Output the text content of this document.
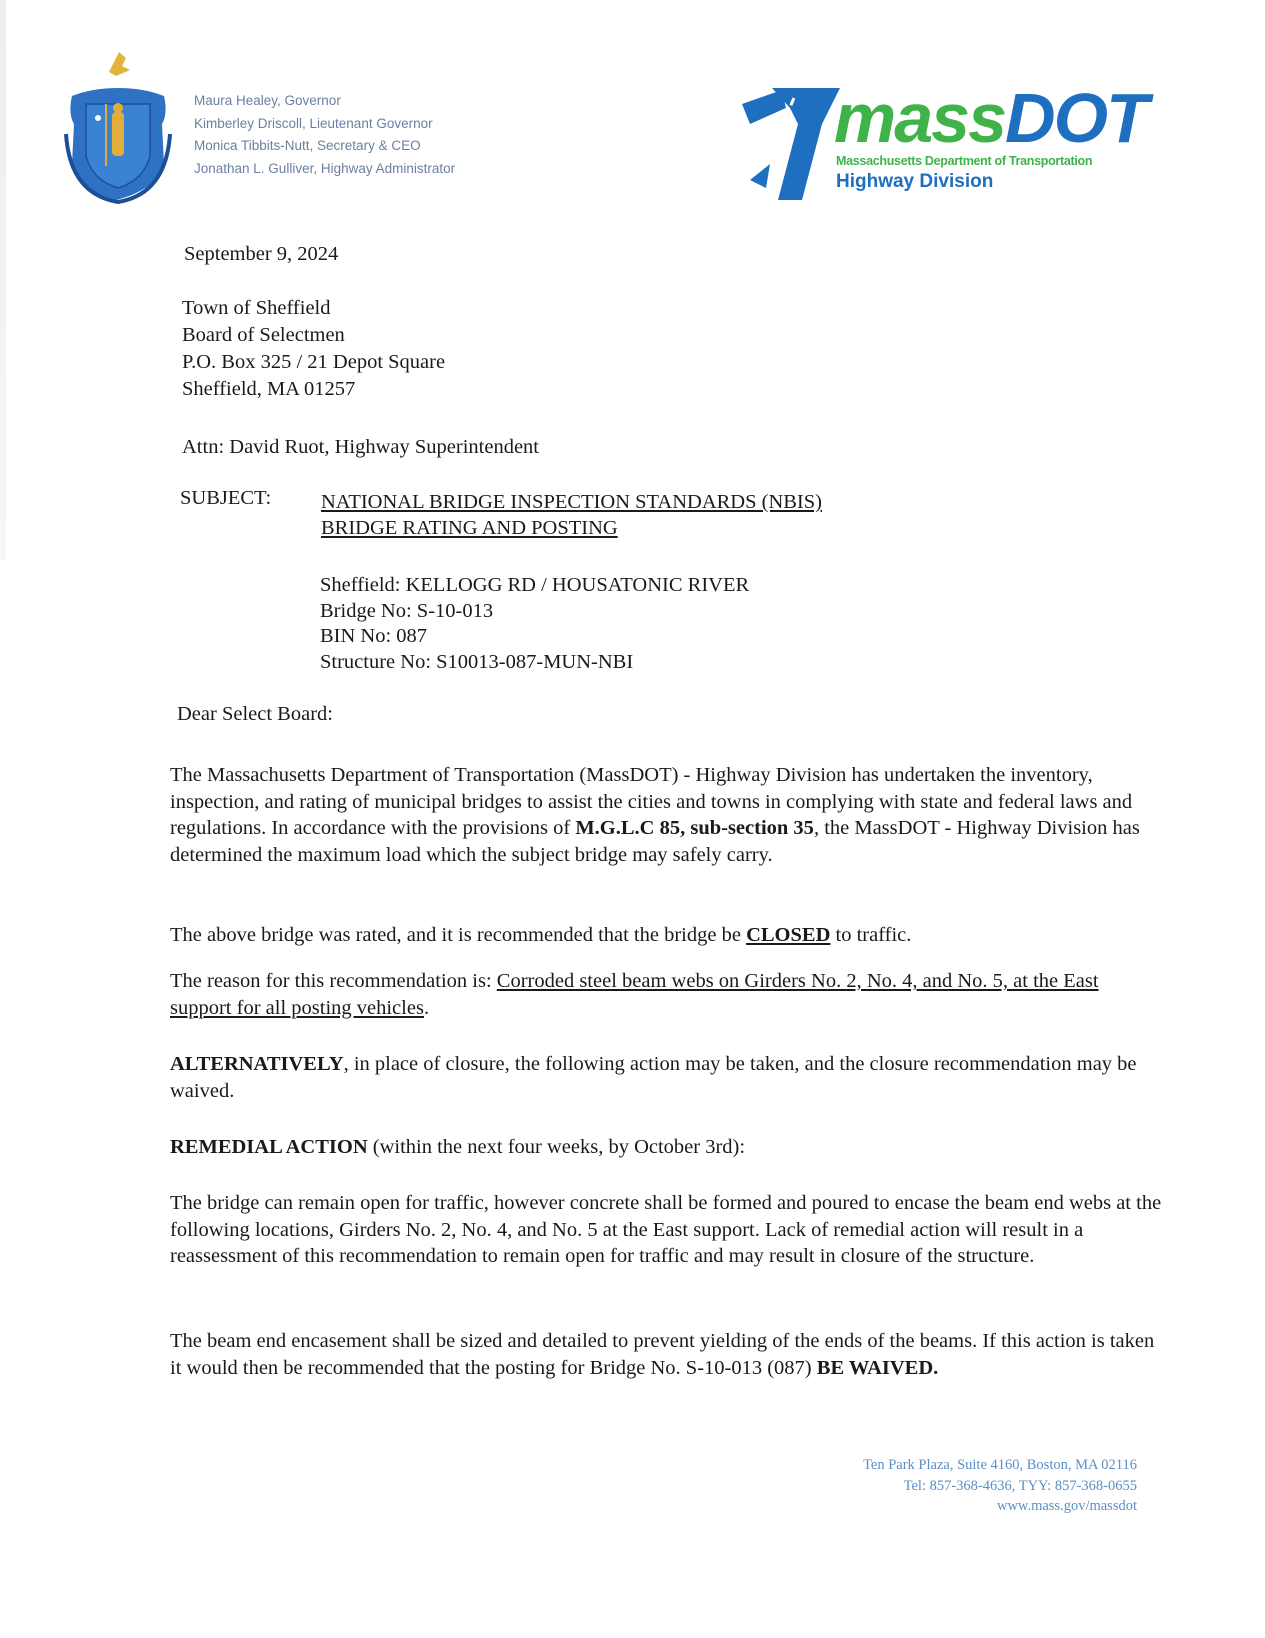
Maura Healey, Governor
Kimberley Driscoll, Lieutenant Governor
Monica Tibbits-Nutt, Secretary & CEO
Jonathan L. Gulliver, Highway Administrator
massDOT
Massachusetts Department of Transportation
Highway Division
September 9, 2024
Town of Sheffield
Board of Selectmen
P.O. Box 325 / 21 Depot Square
Sheffield, MA 01257
Attn: David Ruot, Highway Superintendent
SUBJECT: NATIONAL BRIDGE INSPECTION STANDARDS (NBIS)
BRIDGE RATING AND POSTING
Sheffield: KELLOGG RD / HOUSATONIC RIVER
Bridge No: S-10-013
BIN No: 087
Structure No: S10013-087-MUN-NBI
Dear Select Board:
The Massachusetts Department of Transportation (MassDOT) - Highway Division has undertaken the inventory, inspection, and rating of municipal bridges to assist the cities and towns in complying with state and federal laws and regulations. In accordance with the provisions of M.G.L.C 85, sub-section 35, the MassDOT - Highway Division has determined the maximum load which the subject bridge may safely carry.
The above bridge was rated, and it is recommended that the bridge be CLOSED to traffic.
The reason for this recommendation is: Corroded steel beam webs on Girders No. 2, No. 4, and No. 5, at the East support for all posting vehicles.
ALTERNATIVELY, in place of closure, the following action may be taken, and the closure recommendation may be waived.
REMEDIAL ACTION (within the next four weeks, by October 3rd):
The bridge can remain open for traffic, however concrete shall be formed and poured to encase the beam end webs at the following locations, Girders No. 2, No. 4, and No. 5 at the East support. Lack of remedial action will result in a reassessment of this recommendation to remain open for traffic and may result in closure of the structure.
The beam end encasement shall be sized and detailed to prevent yielding of the ends of the beams. If this action is taken it would then be recommended that the posting for Bridge No. S-10-013 (087) BE WAIVED.
Ten Park Plaza, Suite 4160, Boston, MA 02116
Tel: 857-368-4636, TYY: 857-368-0655
www.mass.gov/massdot
